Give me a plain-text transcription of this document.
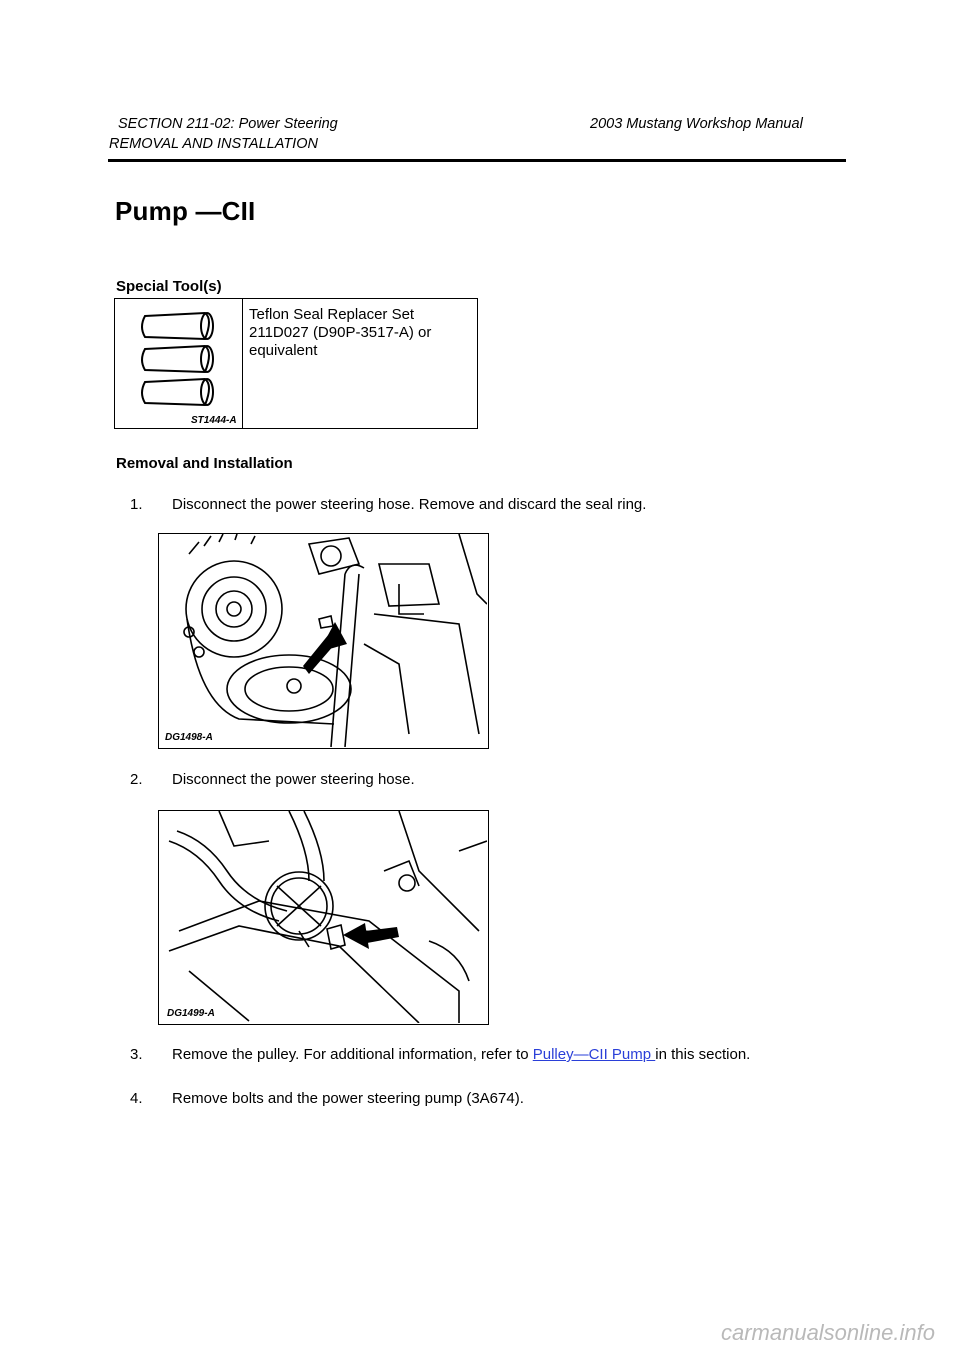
SECTION 211-02: Power Steering	2003 Mustang Workshop Manual
REMOVAL AND INSTALLATION
Pump —CII
Special Tool(s)
ST1444-A
Teflon Seal Replacer Set 211D027 (D90P-3517-A) or equivalent
Removal and Installation
1. Disconnect the power steering hose. Remove and discard the seal ring.
DG1498-A
2. Disconnect the power steering hose.
DG1499-A
3. Remove the pulley. For additional information, refer to Pulley—CII Pump in this section.
4. Remove bolts and the power steering pump (3A674).
carmanualsonline.info
